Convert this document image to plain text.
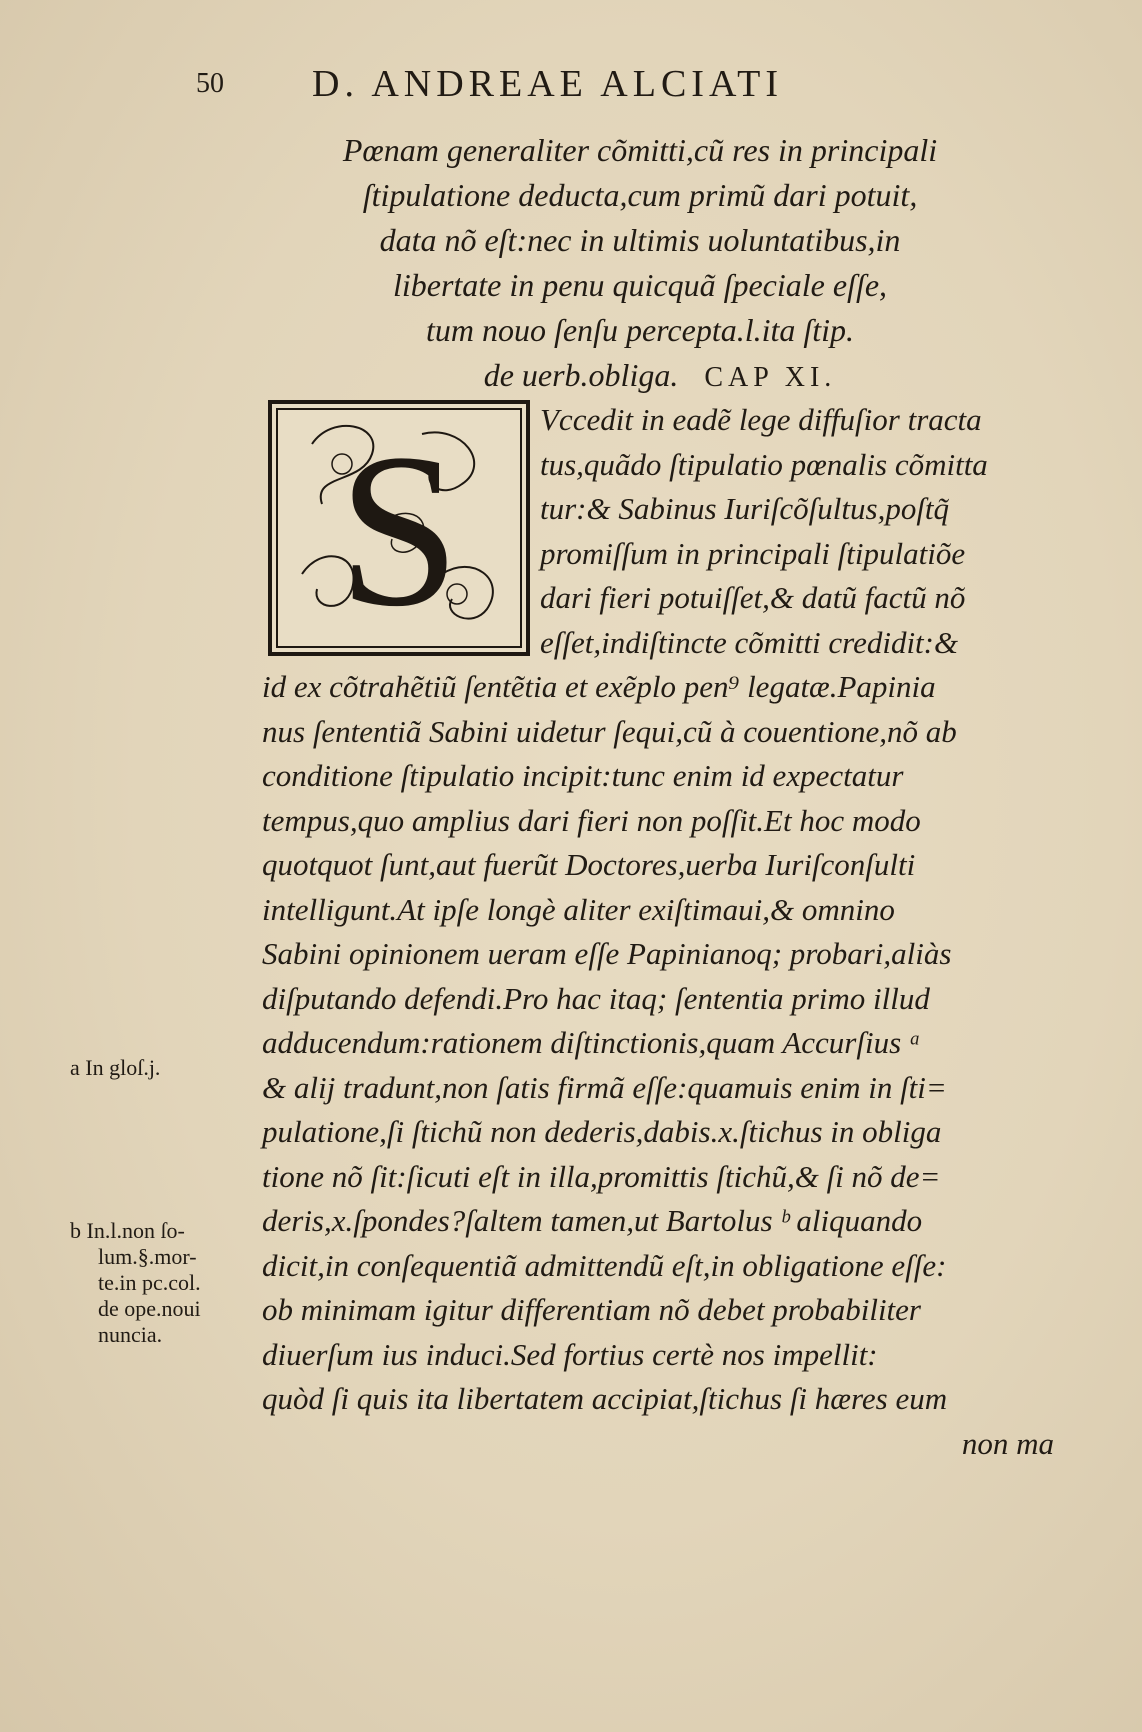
50 D. ANDREAE ALCIATI
Pœnam generaliter cõmitti,cũ res in principali
ſtipulatione deducta,cum primũ dari potuit,
data nõ eſt:nec in ultimis uoluntatibus,in
libertate in penu quicquã ſpeciale eſſe,
tum nouo ſenſu percepta.l.ita ſtip.
de uerb.obliga. CAP XI.
S	Vccedit in eadẽ lege diffuſior tracta
tus,quãdo ſtipulatio pœnalis cõmitta
tur:& Sabinus Iuriſcõſultus,poſtq̃
promiſſum in principali ſtipulatiõe
dari fieri potuiſſet,& datũ factũ nõ
eſſet,indiſtincte cõmitti credidit:&
id ex cõtrahẽtiũ ſentẽtia et exẽplo pen⁹ legatæ.Papinia
nus ſententiã Sabini uidetur ſequi,cũ à couentione,nõ ab
conditione ſtipulatio incipit:tunc enim id expectatur
tempus,quo amplius dari fieri non poſſit.Et hoc modo
quotquot ſunt,aut fuerũt Doctores,uerba Iuriſconſulti
intelligunt.At ipſe longè aliter exiſtimaui,& omnino
Sabini opinionem ueram eſſe Papinianoq; probari,aliàs
diſputando defendi.Pro hac itaq; ſententia primo illud
adducendum:rationem diſtinctionis,quam Accurſius ᵃ
& alij tradunt,non ſatis firmã eſſe:quamuis enim in ſti=
pulatione,ſi ſtichũ non dederis,dabis.x.ſtichus in obliga
tione nõ ſit:ſicuti eſt in illa,promittis ſtichũ,& ſi nõ de=
deris,x.ſpondes?ſaltem tamen,ut Bartolus ᵇ aliquando
dicit,in conſequentiã admittendũ eſt,in obligatione eſſe:
ob minimam igitur differentiam nõ debet probabiliter
diuerſum ius induci.Sed fortius certè nos impellit:
quòd ſi quis ita libertatem accipiat,ſtichus ſi hæres eum
non ma
a In gloſ.j.
b In.l.non ſo-
lum.§.mor-
te.in pc.col.
de ope.noui
nuncia.
